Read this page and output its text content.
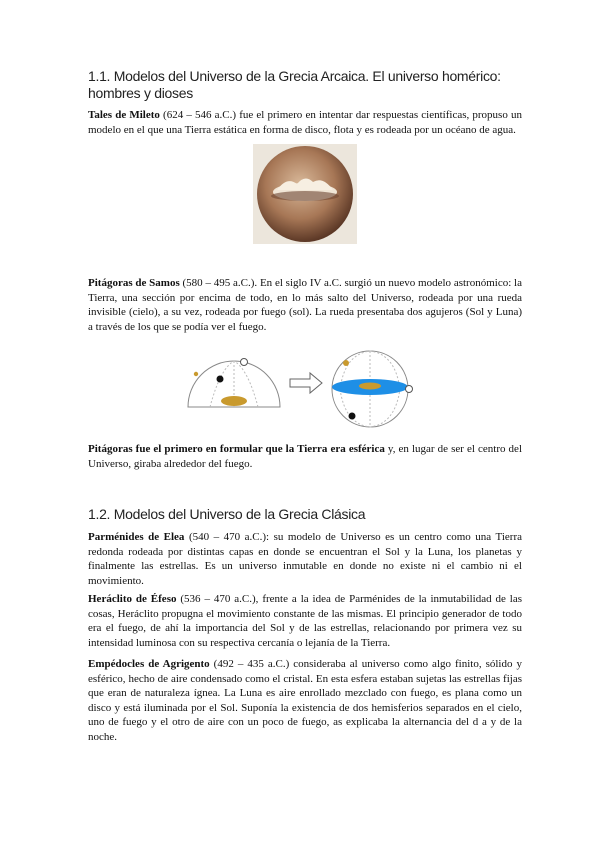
1.1. Modelos del Universo de la Grecia Arcaica. El universo homérico: hombres y dioses

Tales de Mileto (624 – 546 a.C.) fue el primero en intentar dar respuestas científicas, propuso un modelo en el que una Tierra estática en forma de disco, flota y es rodeada por un océano de agua.

Pitágoras de Samos (580 – 495 a.C.). En el siglo IV a.C. surgió un nuevo modelo astronómico: la Tierra, una sección por encima de todo, en lo más salto del Universo, rodeada por una rueda invisible (cielo), a su vez, rodeada por fuego (sol). La rueda presentaba dos agujeros (Sol y Luna) a través de los que se podía ver el fuego.

Pitágoras fue el primero en formular que la Tierra era esférica y, en lugar de ser el centro del Universo, giraba alrededor del fuego.

1.2. Modelos del Universo de la Grecia Clásica

Parménides de Elea (540 – 470 a.C.): su modelo de Universo es un centro como una Tierra redonda rodeada por distintas capas en donde se encuentran el Sol y la Luna, los planetas y finalmente las estrellas. Es un universo inmutable en donde no existe ni el cambio ni el movimiento.

Heráclito de Éfeso (536 – 470 a.C.), frente a la idea de Parménides de la inmutabilidad de las cosas, Heráclito propugna el movimiento constante de las mismas. El principio generador de todo era el fuego, de ahí la importancia del Sol y de las estrellas, relacionando por primera vez su intensidad luminosa con su respectiva cercanía o lejanía de la Tierra.

Empédocles de Agrigento (492 – 435 a.C.) consideraba al universo como algo finito, sólido y esférico, hecho de aire condensado como el cristal. En esta esfera estaban sujetas las estrellas fijas que eran de naturaleza ígnea. La Luna es aire enrollado mezclado con fuego, es plana como un disco y está iluminada por el Sol. Suponía la existencia de dos hemisferios separados en el cielo, uno de fuego y el otro de aire con un poco de fuego, as explicaba la alternancia del d a y de la noche.
